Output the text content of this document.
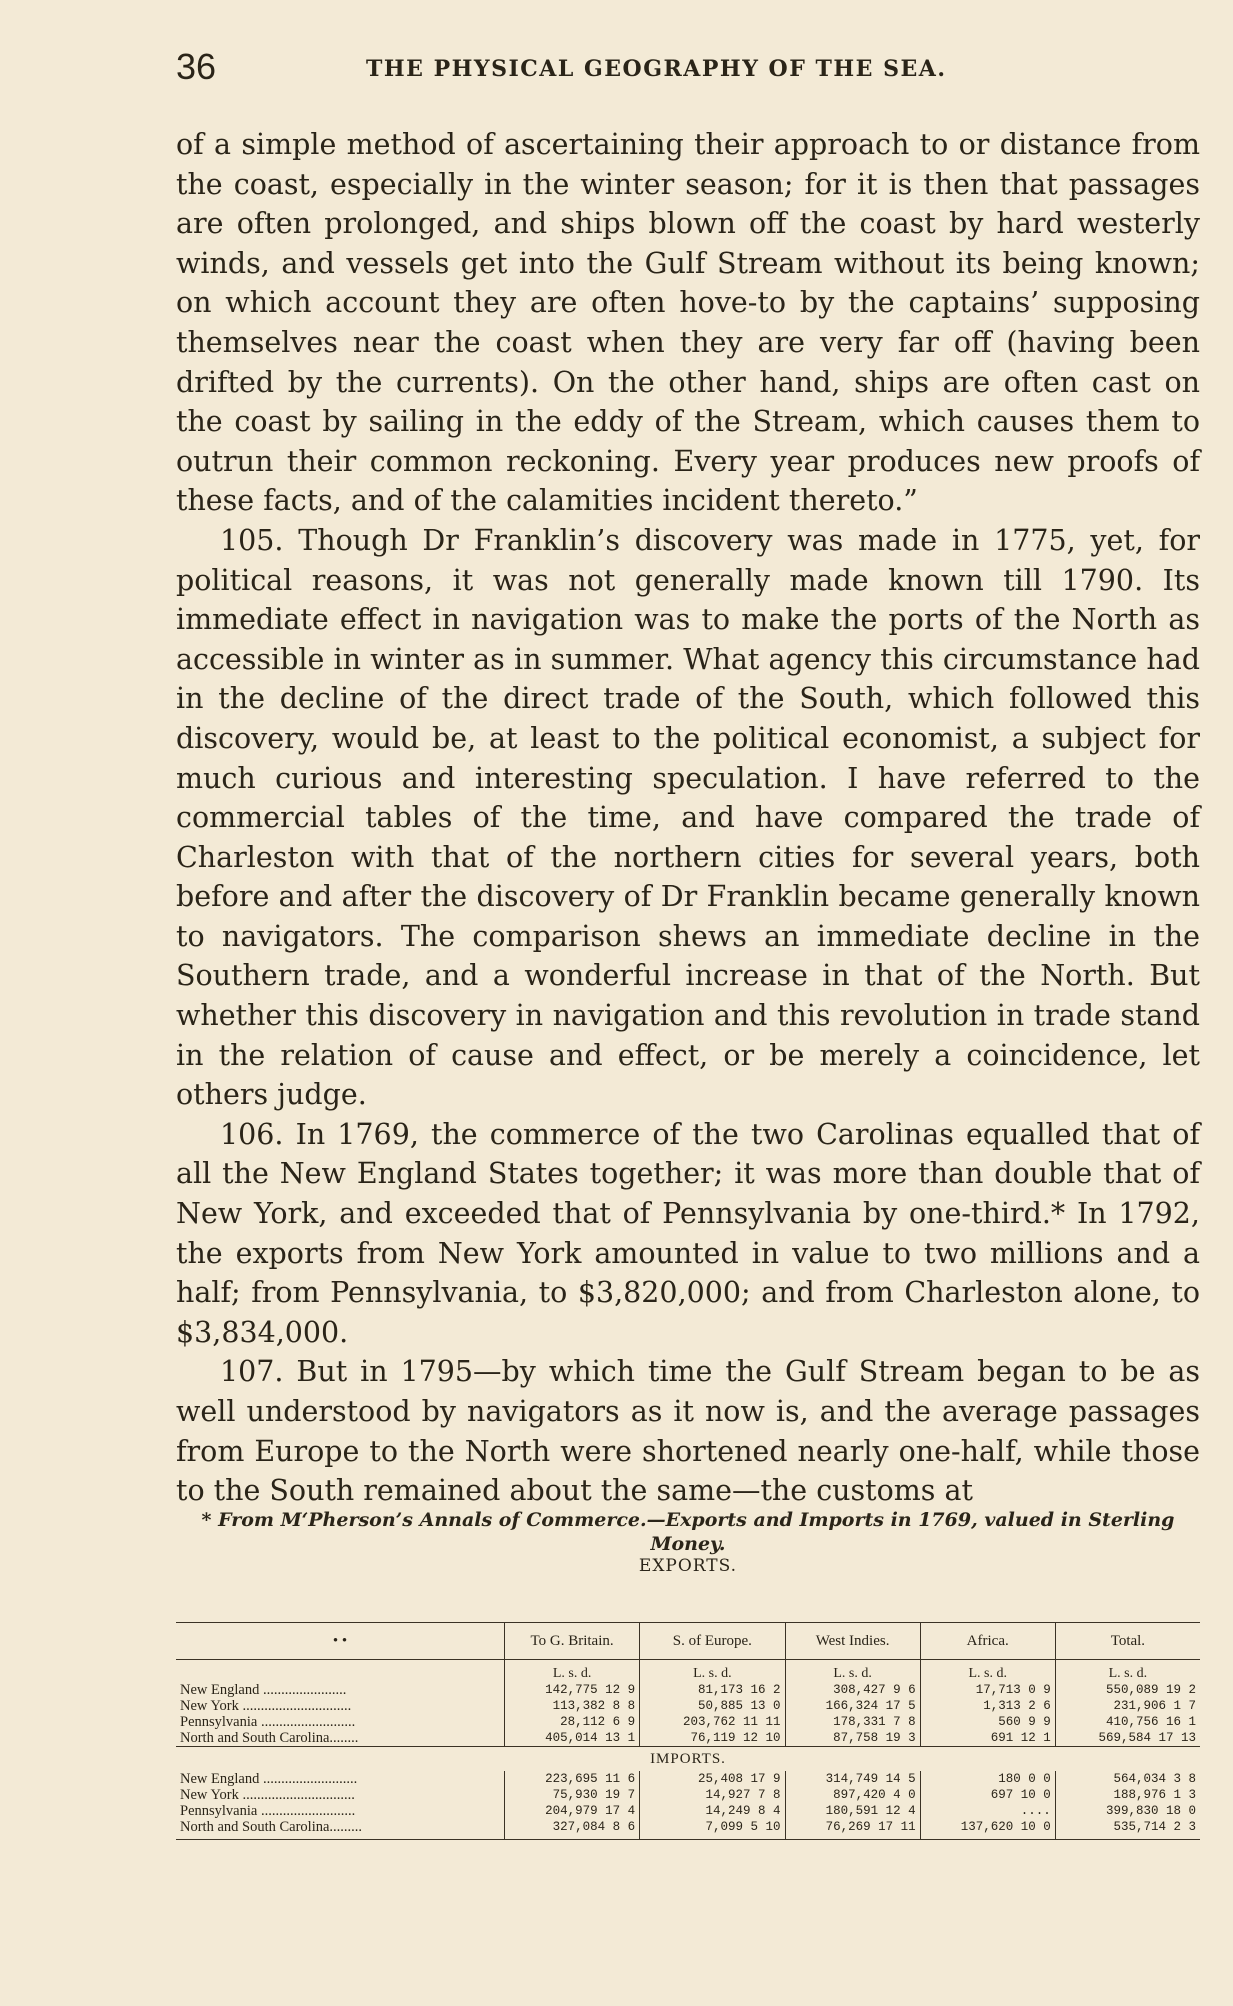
36	THE PHYSICAL GEOGRAPHY OF THE SEA.

of a simple method of ascertaining their approach to or distance from the coast, especially in the winter season; for it is then that passages are often prolonged, and ships blown off the coast by hard westerly winds, and vessels get into the Gulf Stream without its being known; on which account they are often hove-to by the captains’ supposing themselves near the coast when they are very far off (having been drifted by the currents). On the other hand, ships are often cast on the coast by sailing in the eddy of the Stream, which causes them to outrun their common reckoning. Every year produces new proofs of these facts, and of the calamities incident thereto.”

105. Though Dr Franklin’s discovery was made in 1775, yet, for political reasons, it was not generally made known till 1790. Its immediate effect in navigation was to make the ports of the North as accessible in winter as in summer. What agency this circumstance had in the decline of the direct trade of the South, which followed this discovery, would be, at least to the political economist, a subject for much curious and interesting speculation. I have referred to the commercial tables of the time, and have compared the trade of Charleston with that of the northern cities for several years, both before and after the discovery of Dr Franklin became generally known to navigators. The comparison shews an immediate decline in the Southern trade, and a wonderful increase in that of the North. But whether this discovery in navigation and this revolution in trade stand in the relation of cause and effect, or be merely a coincidence, let others judge.

106. In 1769, the commerce of the two Carolinas equalled that of all the New England States together; it was more than double that of New York, and exceeded that of Pennsylvania by one-third.* In 1792, the exports from New York amounted in value to two millions and a half; from Pennsylvania, to $3,820,000; and from Charleston alone, to $3,834,000.

107. But in 1795—by which time the Gulf Stream began to be as well understood by navigators as it now is, and the average passages from Europe to the North were shortened nearly one-half, while those to the South remained about the same—the customs at

* From M‘Pherson’s Annals of Commerce.—Exports and Imports in 1769, valued in Sterling Money.
EXPORTS.
• •	To G. Britain.	S. of Europe.	West Indies.	Africa.	Total.
	L. s. d.	L. s. d.	L. s. d.	L. s. d.	L. s. d.
New England .......................	142,775 12 9	81,173 16 2	308,427 9 6	17,713 0 9	550,089 19 2
New York ..............................	113,382 8 8	50,885 13 0	166,324 17 5	1,313 2 6	231,906 1 7
Pennsylvania ..........................	28,112 6 9	203,762 11 11	178,331 7 8	560 9 9	410,756 16 1
North and South Carolina........	405,014 13 1	76,119 12 10	87,758 19 3	691 12 1	569,584 17 13
IMPORTS.					
New England ..........................	223,695 11 6	25,408 17 9	314,749 14 5	180 0 0	564,034 3 8
New York ...............................	75,930 19 7	14,927 7 8	897,420 4 0	697 10 0	188,976 1 3
Pennsylvania ..........................	204,979 17 4	14,249 8 4	180,591 12 4	....	399,830 18 0
North and South Carolina.........	327,084 8 6	7,099 5 10	76,269 17 11	137,620 10 0	535,714 2 3
